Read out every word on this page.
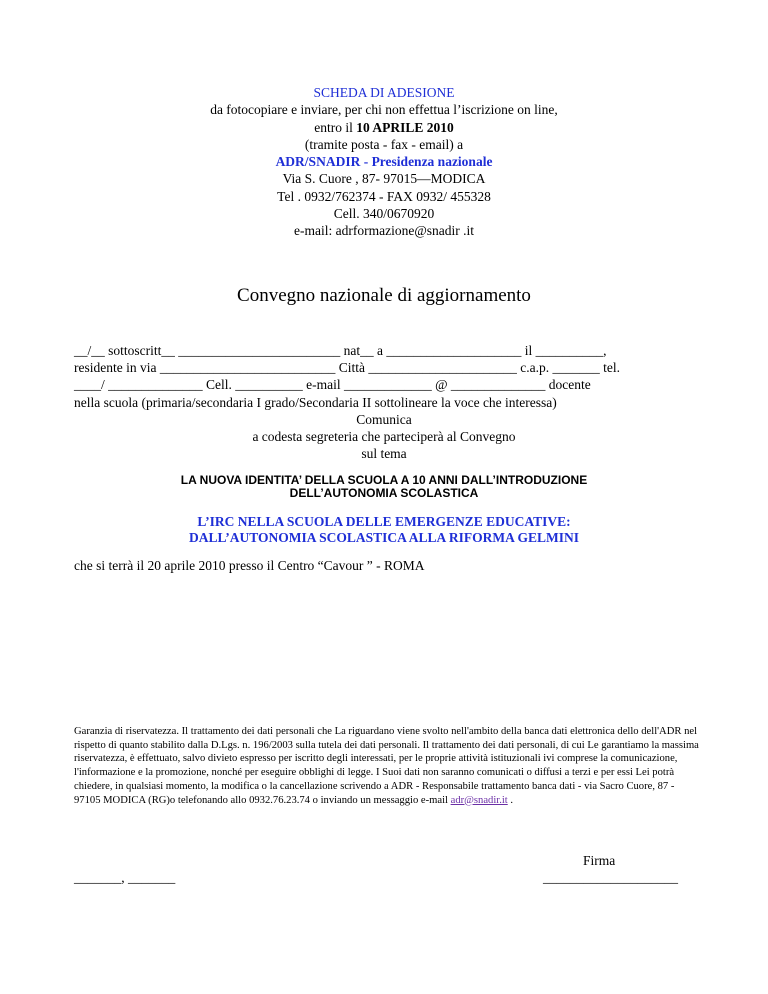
SCHEDA DI ADESIONE
da fotocopiare e inviare, per chi non effettua l’iscrizione on line,
entro il 10 APRILE 2010
(tramite posta - fax - email) a
ADR/SNADIR - Presidenza nazionale
Via S. Cuore , 87- 97015—MODICA
Tel . 0932/762374 - FAX 0932/ 455328
Cell. 340/0670920
e-mail: adrformazione@snadir .it
Convegno nazionale di aggiornamento
__/__ sottoscritt__ ________________________ nat__ a ____________________ il __________,
residente in via __________________________ Città ______________________ c.a.p. _______ tel.
____/ ______________ Cell. __________ e-mail _____________ @ ______________ docente
nella scuola (primaria/secondaria I grado/Secondaria II sottolineare la voce che interessa)
Comunica
a codesta segreteria che parteciperà al Convegno
sul tema
LA NUOVA IDENTITA’ DELLA SCUOLA A 10 ANNI DALL’INTRODUZIONE
DELL’AUTONOMIA SCOLASTICA
L’IRC NELLA SCUOLA DELLE EMERGENZE EDUCATIVE:
DALL’AUTONOMIA SCOLASTICA ALLA RIFORMA GELMINI
che si terrà il 20 aprile 2010 presso il Centro “Cavour ” - ROMA
Garanzia di riservatezza. Il trattamento dei dati personali che La riguardano viene svolto nell'ambito della banca dati elettronica dello dell'ADR nel rispetto di quanto stabilito dalla D.Lgs. n. 196/2003 sulla tutela dei dati personali. Il trattamento dei dati personali, di cui Le garantiamo la massima riservatezza, è effettuato, salvo divieto espresso per iscritto degli interessati, per le proprie attività istituzionali ivi comprese la comunicazione, l'informazione e la promozione, nonché per eseguire obblighi di legge. I Suoi dati non saranno comunicati o diffusi a terzi e per essi Lei potrà chiedere, in qualsiasi momento, la modifica o la cancellazione scrivendo a ADR - Responsabile trattamento banca dati - via Sacro Cuore, 87 - 97105 MODICA (RG)o telefonando allo 0932.76.23.74 o inviando un messaggio e-mail adr@snadir.it .
Firma
_______, _______	____________________
